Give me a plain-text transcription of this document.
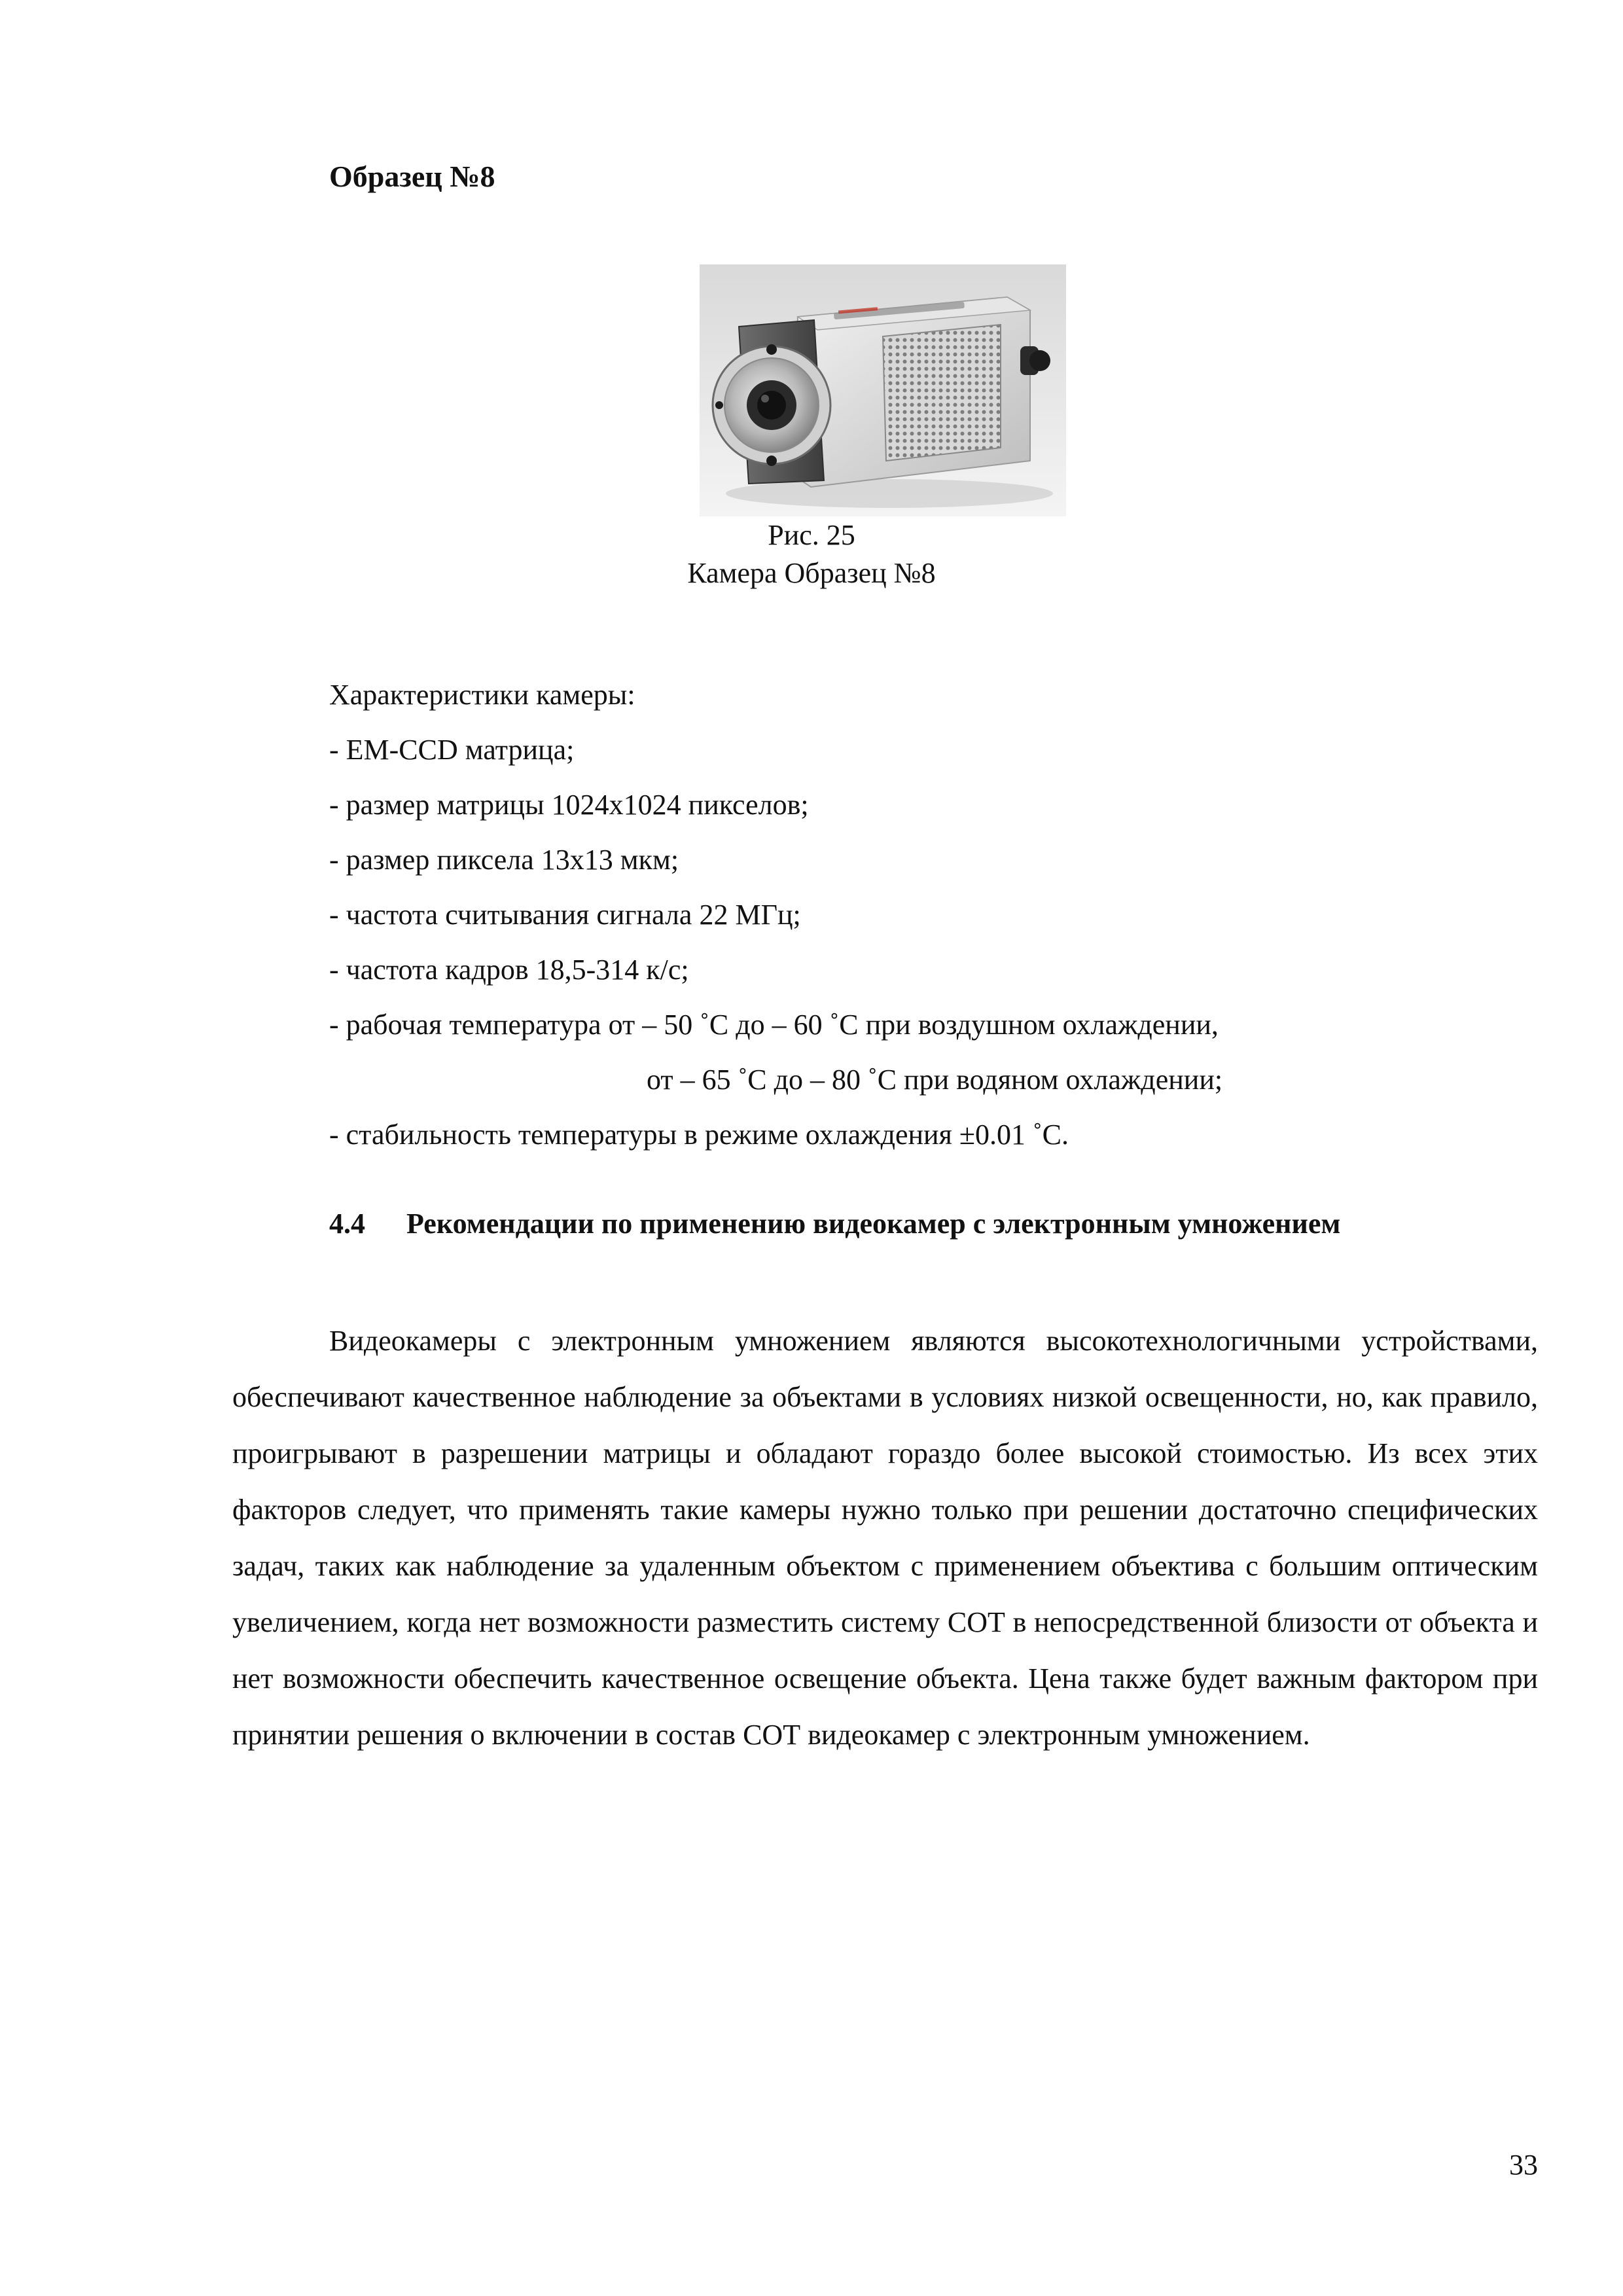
Образец №8
Рис. 25
Камера Образец №8
Характеристики камеры:
- EM-CCD матрица;
- размер матрицы 1024x1024 пикселов;
- размер пиксела 13x13 мкм;
- частота считывания сигнала 22 МГц;
- частота кадров 18,5-314 к/с;
- рабочая температура от – 50 ˚С до – 60 ˚С при воздушном охлаждении,
от – 65 ˚С до – 80 ˚С при водяном охлаждении;
- стабильность температуры в режиме охлаждения ±0.01 ˚С.
4.4 Рекомендации по применению видеокамер с электронным умножением

Видеокамеры с электронным умножением являются высокотехнологичными устройствами, обеспечивают качественное наблюдение за объектами в условиях низкой освещенности, но, как правило, проигрывают в разрешении матрицы и обладают гораздо более высокой стоимостью. Из всех этих факторов следует, что применять такие камеры нужно только при решении достаточно специфических задач, таких как наблюдение за удаленным объектом с применением объектива с большим оптическим увеличением, когда нет возможности разместить систему СОТ в непосредственной близости от объекта и нет возможности обеспечить качественное освещение объекта. Цена также будет важным фактором при принятии решения о включении в состав СОТ видеокамер с электронным умножением.

33
